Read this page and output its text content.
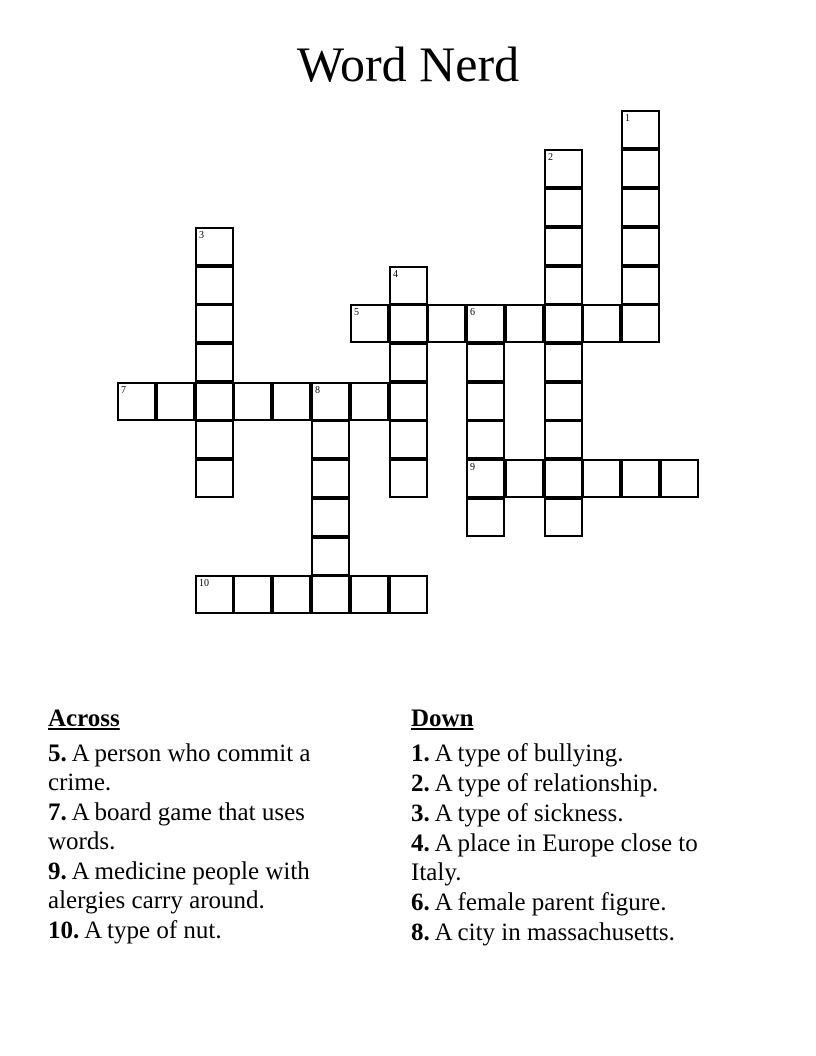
Word Nerd
1
2
3
4
5	6
9
7	8
10
Across
5. A person who commit a crime.
7. A board game that uses words.
9. A medicine people with alergies carry around.
10. A type of nut.
Down
1. A type of bullying.
2. A type of relationship.
3. A type of sickness.
4. A place in Europe close to Italy.
6. A female parent figure.
8. A city in massachusetts.
